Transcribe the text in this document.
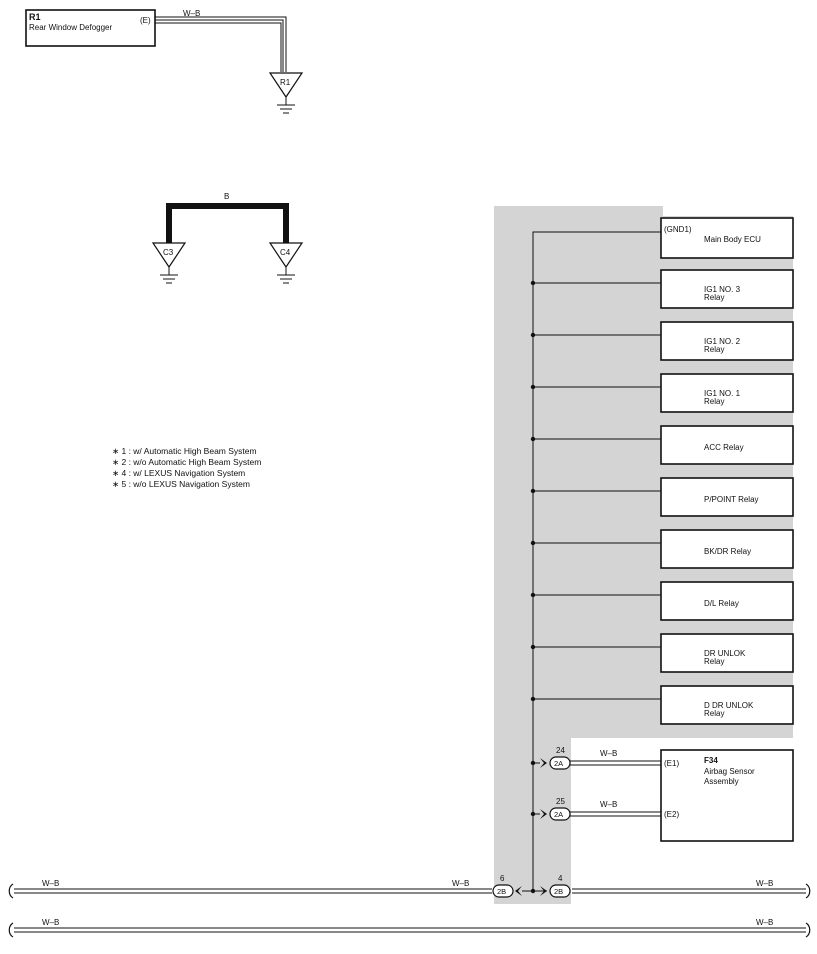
R1
Rear Window Defogger
(E)
W–B
R1
B
C3	C4
(GND1)
Main Body ECU
IG1 NO. 3
Relay
IG1 NO. 2
Relay
IG1 NO. 1
Relay
ACC Relay
P/POINT Relay
BK/DR Relay
D/L Relay
DR UNLOK
Relay
D DR UNLOK
Relay
F34
Airbag Sensor
Assembly
(E1)
(E2)
2A
24	W–B
2A
25	W–B
W–B	W–B	W–B
2B
6
2B
4
W–B	W–B
∗ 1 : w/ Automatic High Beam System
∗ 2 : w/o Automatic High Beam System
∗ 4 : w/ LEXUS Navigation System
∗ 5 : w/o LEXUS Navigation System
